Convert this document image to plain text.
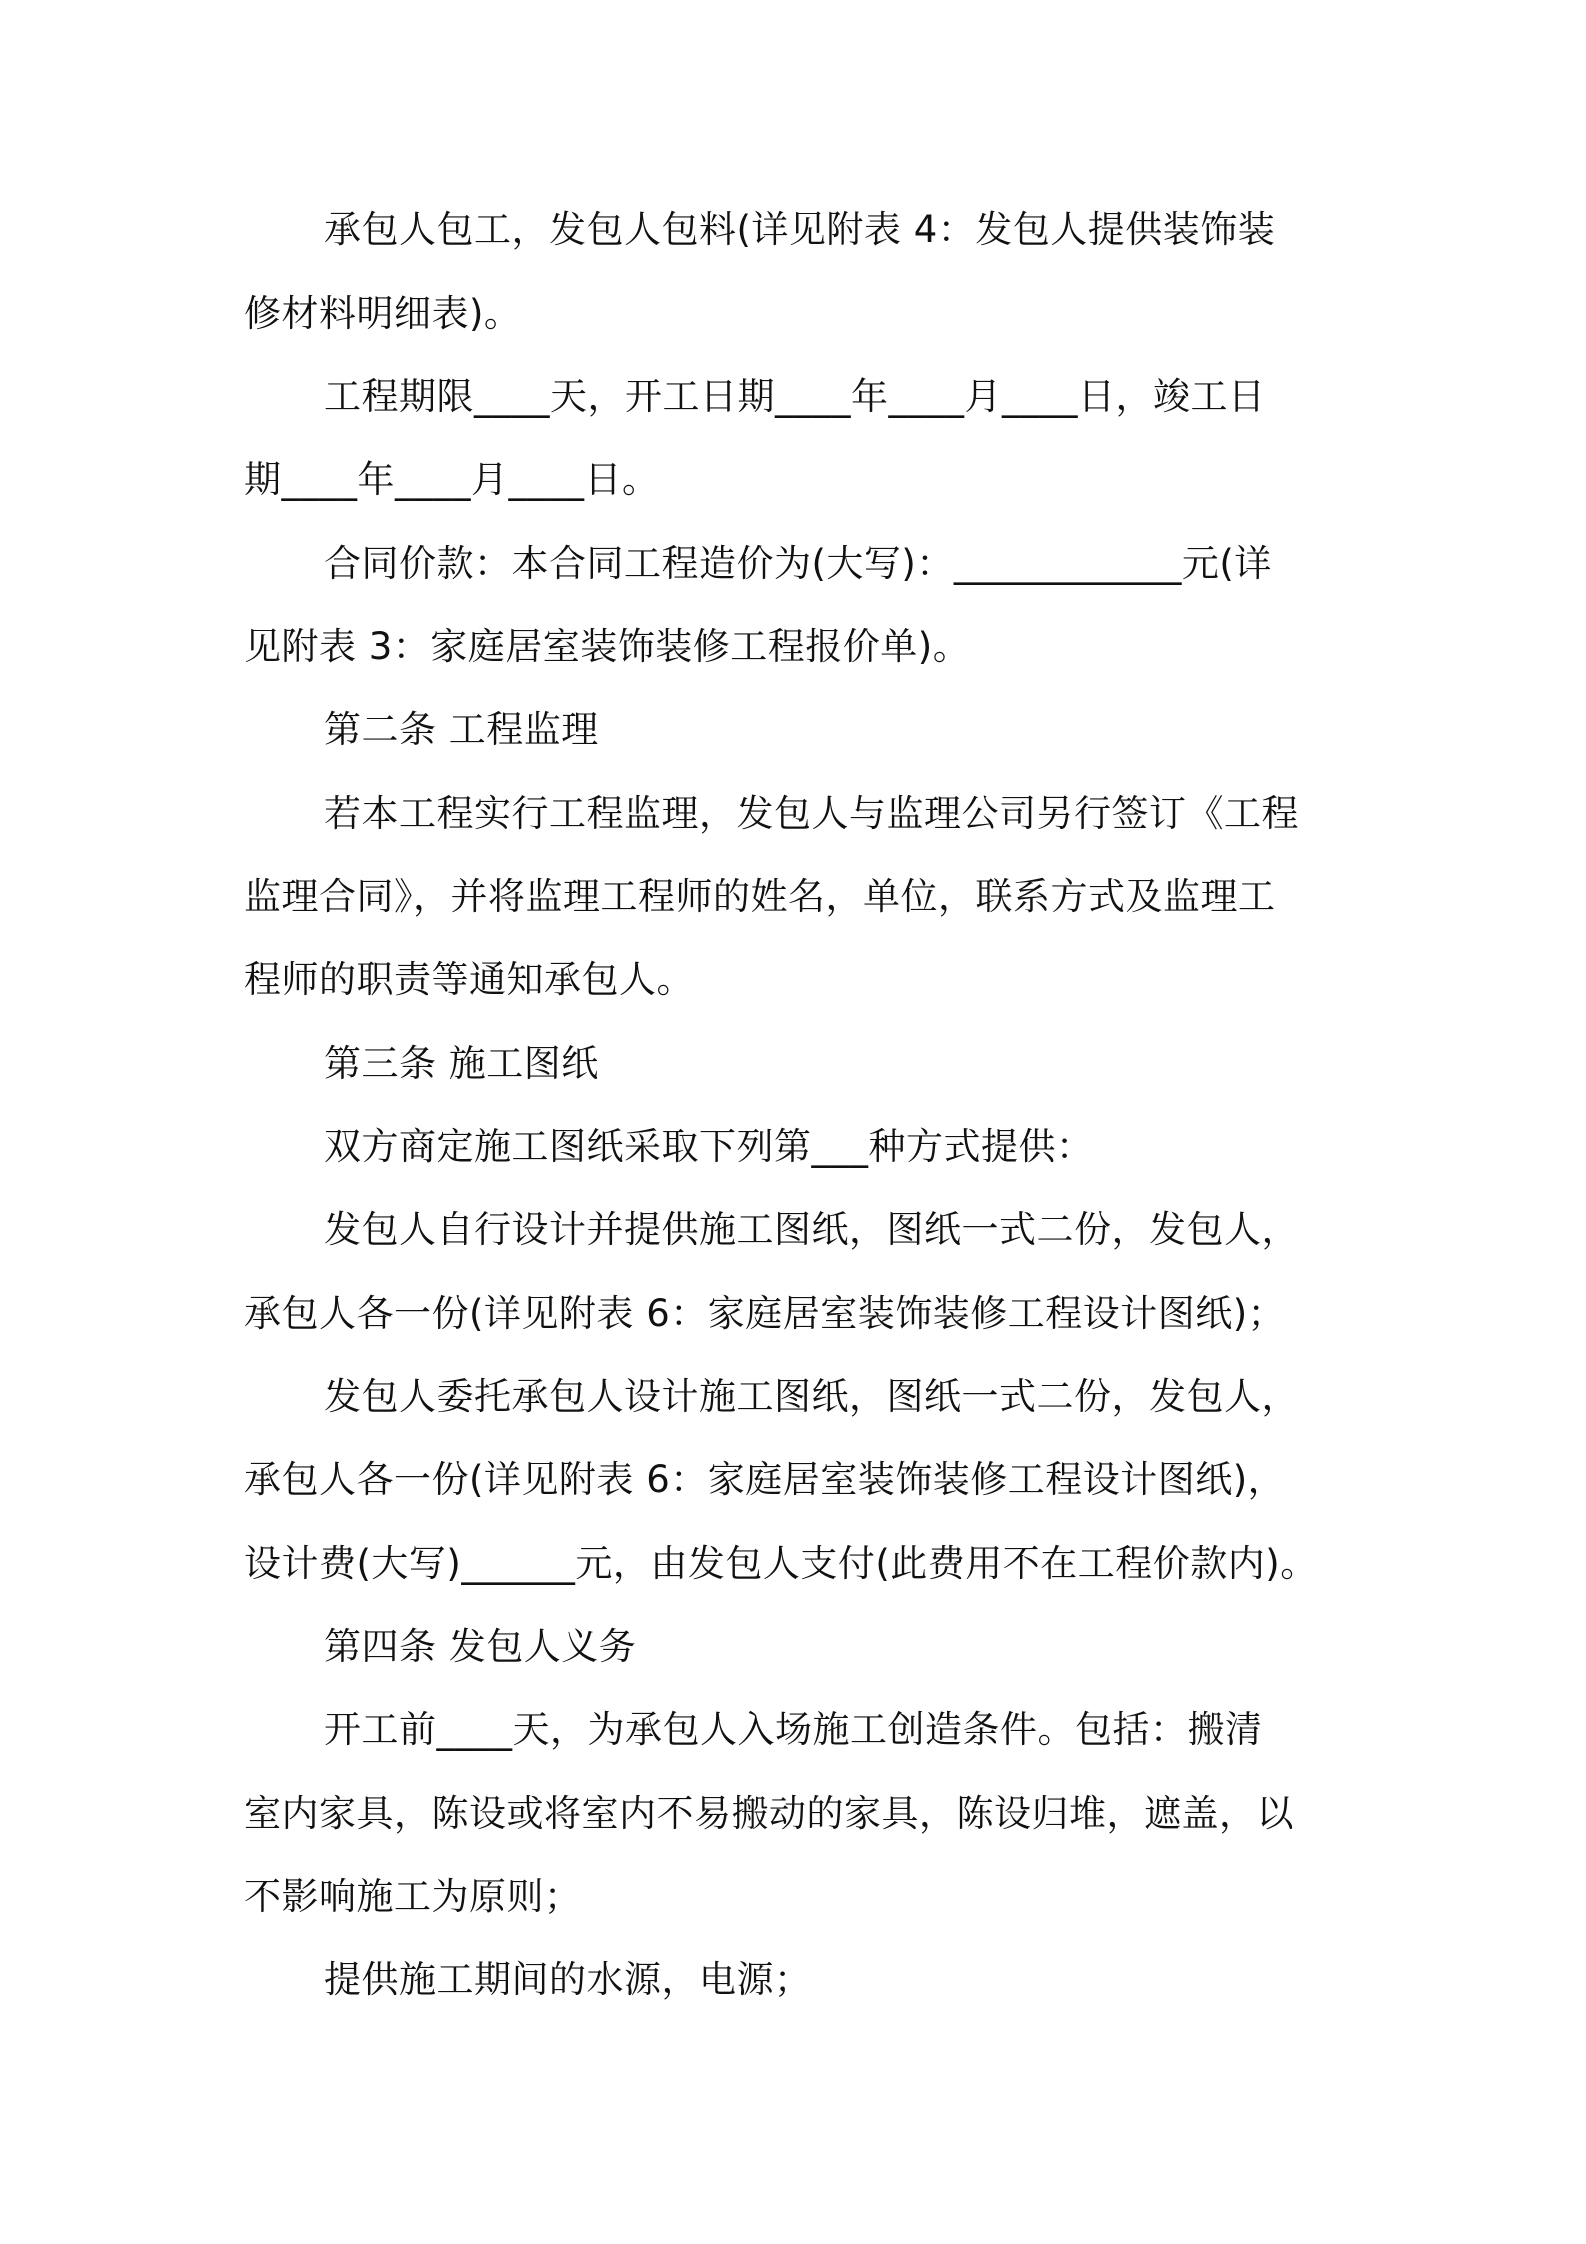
承包人包工，发包人包料(详见附表 4：发包人提供装饰装
修材料明细表)。
工程期限____天，开工日期____年____月____日，竣工日
期____年____月____日。
合同价款：本合同工程造价为(大写)：____________元(详
见附表 3：家庭居室装饰装修工程报价单)。
第二条 工程监理
若本工程实行工程监理，发包人与监理公司另行签订《工程
监理合同》，并将监理工程师的姓名，单位，联系方式及监理工
程师的职责等通知承包人。
第三条 施工图纸
双方商定施工图纸采取下列第___种方式提供：
发包人自行设计并提供施工图纸，图纸一式二份，发包人，
承包人各一份(详见附表 6：家庭居室装饰装修工程设计图纸)；
发包人委托承包人设计施工图纸，图纸一式二份，发包人，
承包人各一份(详见附表 6：家庭居室装饰装修工程设计图纸)，
设计费(大写)______元，由发包人支付(此费用不在工程价款内)。
第四条 发包人义务
开工前____天，为承包人入场施工创造条件。包括：搬清
室内家具，陈设或将室内不易搬动的家具，陈设归堆，遮盖，以
不影响施工为原则；
提供施工期间的水源，电源；
